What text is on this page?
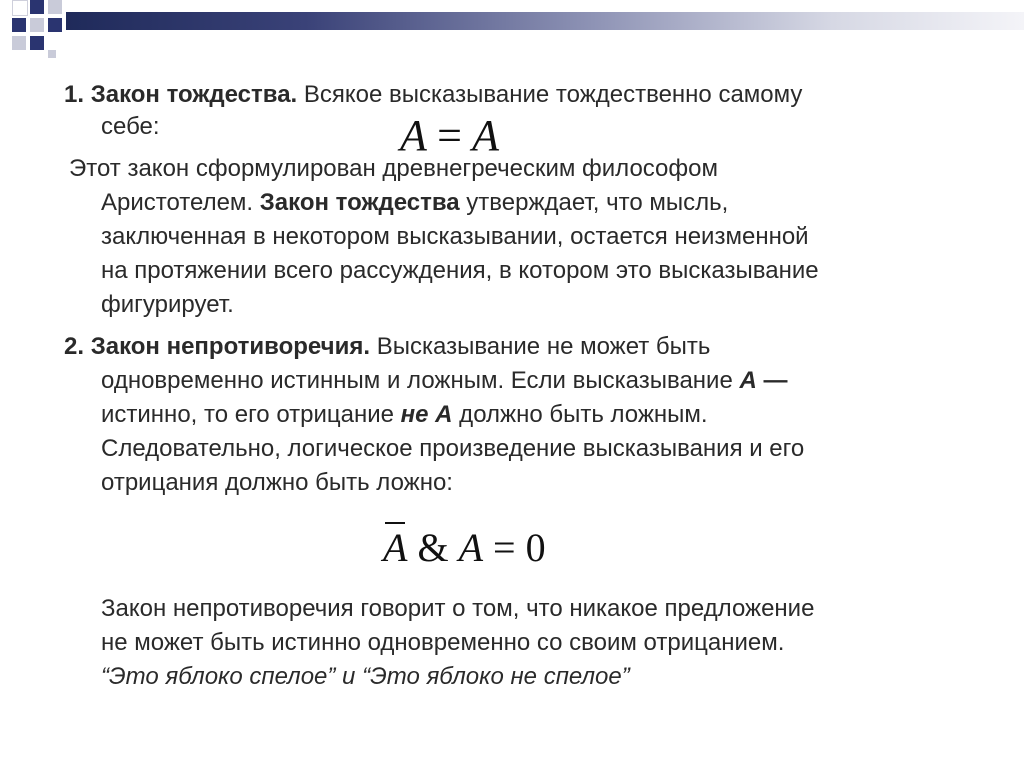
1. Закон тождества. Всякое высказывание тождественно самому
себе:	A = A
Этот закон сформулирован древнегреческим философом
Аристотелем. Закон тождества утверждает, что мысль,
заключенная в некотором высказывании, остается неизменной
на протяжении всего рассуждения, в котором это высказывание
фигурирует.
2. Закон непротиворечия. Высказывание не может быть
одновременно истинным и ложным. Если высказывание А —
истинно, то его отрицание не А должно быть ложным.
Следовательно, логическое произведение высказывания и его
отрицания должно быть ложно:
A & A = 0
Закон непротиворечия говорит о том, что никакое предложение
не может быть истинно одновременно со своим отрицанием.
“Это яблоко спелое” и “Это яблоко не спелое”
